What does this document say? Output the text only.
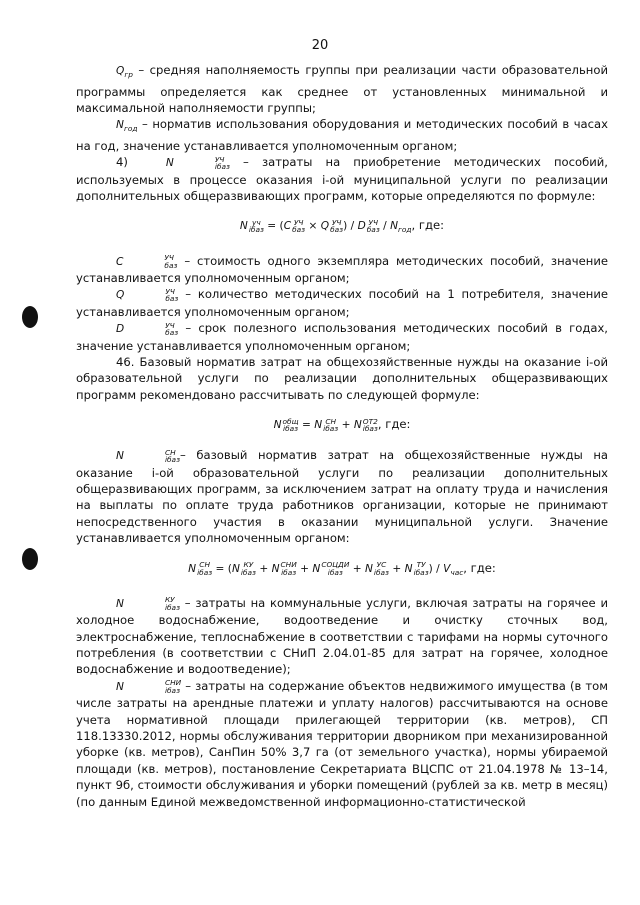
20

$Q_{гр}$ – средняя наполняемость группы при реализации части образовательной программы определяется как среднее от установленных минимальной и максимальной наполняемости группы;

$N_{год}$ – норматив использования оборудования и методических пособий в часах на год, значение устанавливается уполномоченным органом;

4)	N	УЧ
iбаз – затраты на приобретение методических пособий, используемых в процессе оказания i-ой муниципальной услуги по реализации дополнительных общеразвивающих программ, которые определяются по формуле:

N уч
iбаз = (C УЧ
баз × Q УЧ
баз ) / D УЧ
баз / $N_{год}$, где:

C	УЧ
баз – стоимость одного экземпляра методических пособий, значение устанавливается уполномоченным органом;

Q	УЧ
баз – количество методических пособий на 1 потребителя, значение устанавливается уполномоченным органом;

D	УЧ
баз – срок полезного использования методических пособий в годах, значение устанавливается уполномоченным органом;

46. Базовый норматив затрат на общехозяйственные нужды на оказание i-ой образовательной услуги по реализации дополнительных общеразвивающих программ рекомендовано рассчитывать по следующей формуле:

N общ
iбаз = N СН
iбаз + N ОТ2
iбаз , где:

N	СН
iбаз – базовый норматив затрат на общехозяйственные нужды на оказание i-ой образовательной услуги по реализации дополнительных общеразвивающих программ, за исключением затрат на оплату труда и начисления на выплаты по оплате труда работников организации, которые не принимают непосредственного участия в оказании муниципальной услуги. Значение устанавливается уполномоченным органом:

N СН
iбаз = (N КУ
iбаз + N СНИ
iбаз + N СОЦДИ
iбаз + N УС
iбаз + N ТУ
iбаз ) / $V_{час}$, где:

N	КУ
iбаз – затраты на коммунальные услуги, включая затраты на горячее и холодное водоснабжение, водоотведение и очистку сточных вод, электроснабжение, теплоснабжение в соответствии с тарифами на нормы суточного потребления (в соответствии с СНиП 2.04.01-85 для затрат на горячее, холодное водоснабжение и водоотведение);

N	СНИ
iбаз – затраты на содержание объектов недвижимого имущества (в том числе затраты на арендные платежи и уплату налогов) рассчитываются на основе учета нормативной площади прилегающей территории (кв. метров), СП 118.13330.2012, нормы обслуживания территории дворником при механизированной уборке (кв. метров), СанПин 50% 3,7 га (от земельного участка), нормы убираемой площади (кв. метров), постановление Секретариата ВЦСПС от 21.04.1978 № 13–14, пункт 9б, стоимости обслуживания и уборки помещений (рублей за кв. метр в месяц) (по данным Единой межведомственной информационно-статистической
